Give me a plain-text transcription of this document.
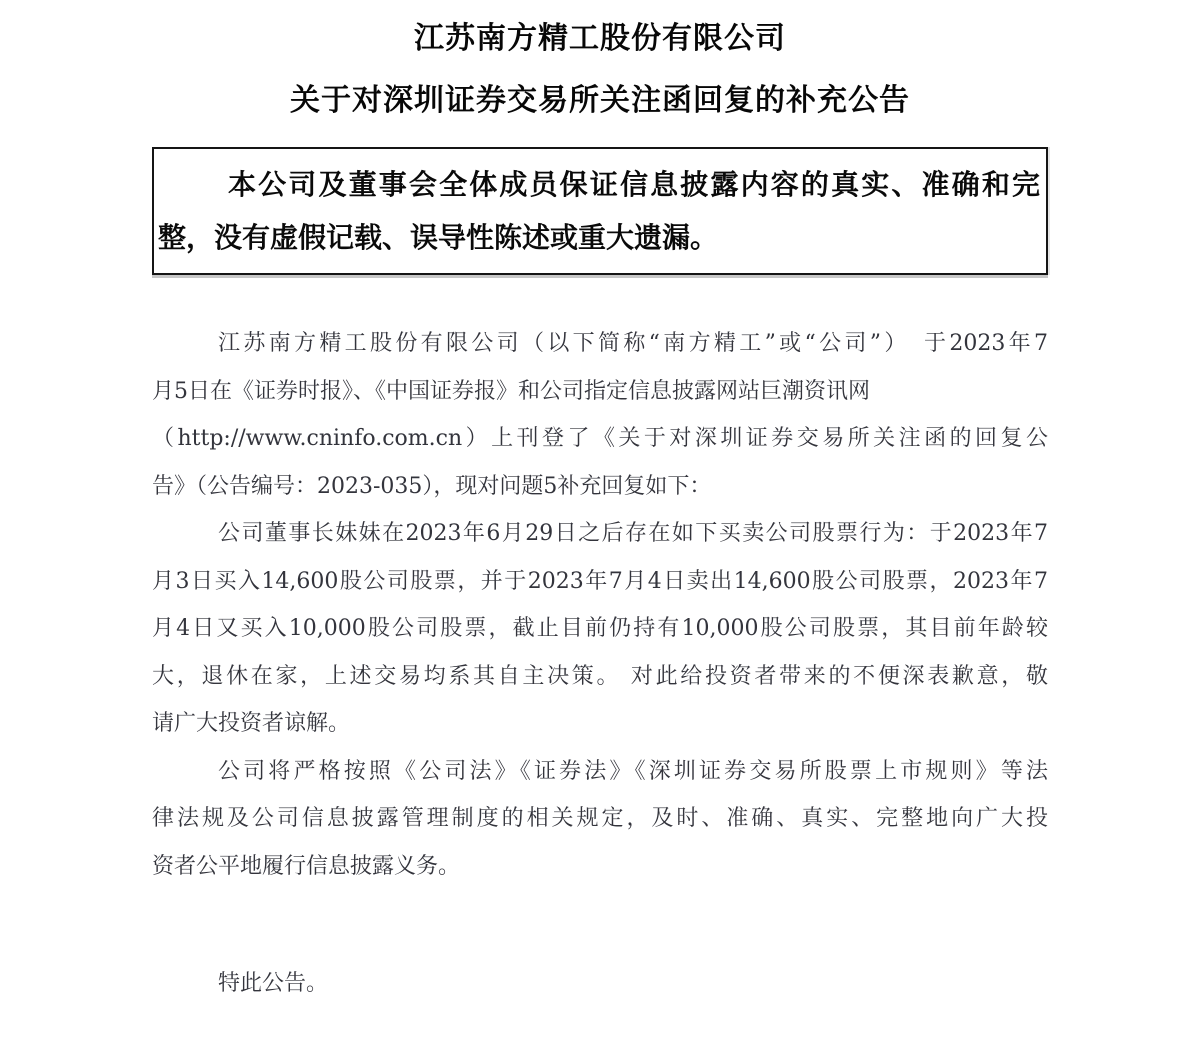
江苏南方精工股份有限公司
关于对深圳证券交易所关注函回复的补充公告
本公司及董事会全体成员保证信息披露内容的真实、准确和完
整，没有虚假记载、误导性陈述或重大遗漏。
江苏南方精工股份有限公司（以下简称“南方精工”或“公司”）　于2023年7
月5日在《证券时报》、《中国证券报》和公司指定信息披露网站巨潮资讯网
（http://www.cninfo.com.cn）上刊登了《关于对深圳证券交易所关注函的回复公
告》（公告编号：2023-035），现对问题5补充回复如下：
公司董事长妹妹在2023年6月29日之后存在如下买卖公司股票行为：于2023年7
月3日买入14,600股公司股票，并于2023年7月4日卖出14,600股公司股票，2023年7
月4日又买入10,000股公司股票，截止目前仍持有10,000股公司股票，其目前年龄较
大，退休在家，上述交易均系其自主决策。 对此给投资者带来的不便深表歉意，敬
请广大投资者谅解。
公司将严格按照《公司法》《证券法》《深圳证券交易所股票上市规则》等法
律法规及公司信息披露管理制度的相关规定，及时、准确、真实、完整地向广大投
资者公平地履行信息披露义务。
特此公告。
